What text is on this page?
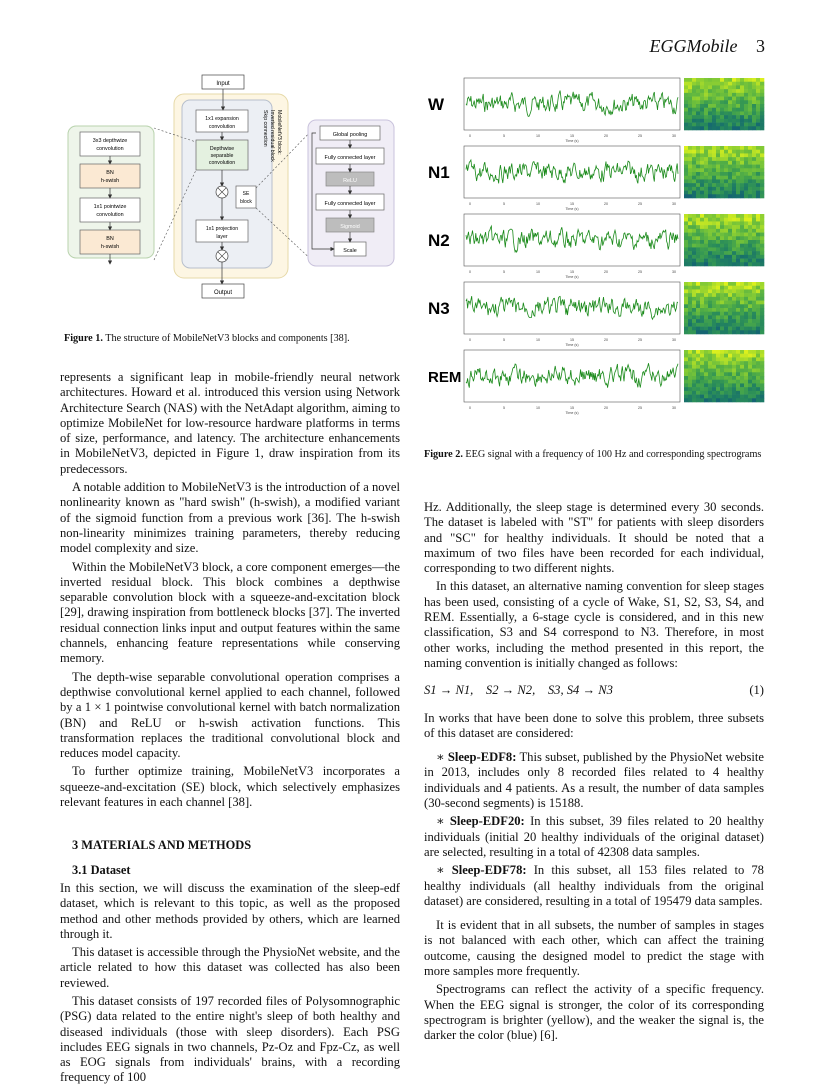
EGGMobile 3
3x3 depthwize
convolution
BN
h-swish
1x1 pointwize
convolution
BN
h-swish
Input
1x1 expansion
convolution
Depthwise
separable
convolution
SE
block
1x1 projection
layer
Output
MobileNetV3 block:
Inverted residual block
Skip connection	Global pooling
Fully connected layer
ReLU
Fully connected layer
Sigmoid
Scale
Figure 1. The structure of MobileNetV3 blocks and components [38].
W
0	5	10	15	20	25	30
Time (s)
N1
0	5	10	15	20	25	30
Time (s)
N2
0	5	10	15	20	25	30
Time (s)
N3
0	5	10	15	20	25	30
Time (s)
REM
0	5	10	15	20	25	30
Time (s)
Figure 2. EEG signal with a frequency of 100 Hz and corresponding spectrograms

represents a significant leap in mobile-friendly neural network architectures. Howard et al. introduced this version using Network Architecture Search (NAS) with the NetAdapt algorithm, aiming to optimize MobileNet for low-resource hardware platforms in terms of size, performance, and latency. The architecture enhancements in MobileNetV3, depicted in Figure 1, draw inspiration from its predecessors.

A notable addition to MobileNetV3 is the introduction of a novel nonlinearity known as "hard swish" (h-swish), a modified variant of the sigmoid function from a previous work [36]. The h-swish non-linearity minimizes training parameters, thereby reducing model complexity and size.

Within the MobileNetV3 block, a core component emerges—the inverted residual block. This block combines a depthwise separable convolution block with a squeeze-and-excitation block [29], drawing inspiration from bottleneck blocks [37]. The inverted residual connection links input and output features within the same channels, enhancing feature representations while conserving memory.

The depth-wise separable convolutional operation comprises a depthwise convolutional kernel applied to each channel, followed by a 1 × 1 pointwise convolutional kernel with batch normalization (BN) and ReLU or h-swish activation functions. This transformation replaces the traditional convolutional block and reduces model capacity.

To further optimize training, MobileNetV3 incorporates a squeeze-and-excitation (SE) block, which selectively emphasizes relevant features in each channel [38].

3 MATERIALS AND METHODS

3.1 Dataset

In this section, we will discuss the examination of the sleep-edf dataset, which is relevant to this topic, as well as the proposed method and other methods provided by others, which are learned through it.

This dataset is accessible through the PhysioNet website, and the article related to how this dataset was collected has also been reviewed.

This dataset consists of 197 recorded files of Polysomnographic (PSG) data related to the entire night's sleep of both healthy and diseased individuals (those with sleep disorders). Each PSG includes EEG signals in two channels, Pz-Oz and Fpz-Cz, as well as EOG signals from individuals' brains, with a recording frequency of 100

Hz. Additionally, the sleep stage is determined every 30 seconds. The dataset is labeled with "ST" for patients with sleep disorders and "SC" for healthy individuals. It should be noted that a maximum of two files have been recorded for each individual, corresponding to two different nights.

In this dataset, an alternative naming convention for sleep stages has been used, consisting of a cycle of Wake, S1, S2, S3, S4, and REM. Essentially, a 6-stage cycle is considered, and in this new classification, S3 and S4 correspond to N3. Therefore, in most other works, including the method presented in this report, the naming convention is initially changed as follows:

S1 → N1,    S2 → N2,    S3, S4 → N3	(1)

In works that have been done to solve this problem, three subsets of this dataset are considered:

∗ Sleep-EDF8: This subset, published by the PhysioNet website in 2013, includes only 8 recorded files related to 4 healthy individuals and 4 patients. As a result, the number of data samples (30-second segments) is 15188.

∗ Sleep-EDF20: In this subset, 39 files related to 20 healthy individuals (initial 20 healthy individuals of the original dataset) are selected, resulting in a total of 42308 data samples.

∗ Sleep-EDF78: In this subset, all 153 files related to 78 healthy individuals (all healthy individuals from the original dataset) are considered, resulting in a total of 195479 data samples.

It is evident that in all subsets, the number of samples in stages is not balanced with each other, which can affect the training outcome, causing the designed model to predict the stage with more samples more frequently.

Spectrograms can reflect the activity of a specific frequency. When the EEG signal is stronger, the color of its corresponding spectrogram is brighter (yellow), and the weaker the signal is, the darker the color (blue) [6].
